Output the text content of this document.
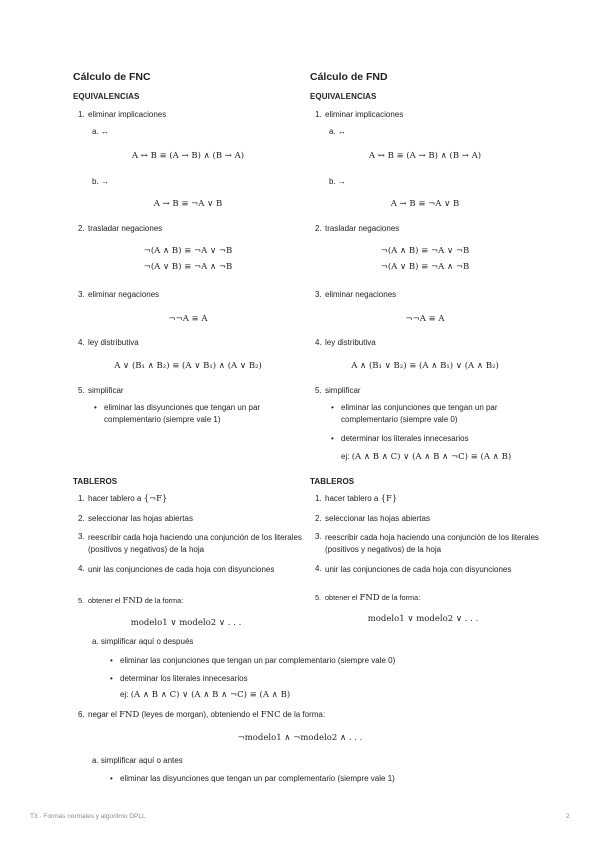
Cálculo de FNC
EQUIVALENCIAS
1. eliminar implicaciones
a. ↔
A ↔ B ≡ (A → B) ∧ (B → A)
b. →
A → B ≡ ¬A ∨ B
2. trasladar negaciones
¬(A ∧ B) ≡ ¬A ∨ ¬B
¬(A ∨ B) ≡ ¬A ∧ ¬B
3. eliminar negaciones
¬¬A ≡ A
4. ley distributiva
A ∨ (B₁ ∧ B₂) ≡ (A ∨ B₁) ∧ (A ∨ B₂)
5. simplificar
• eliminar las disyunciones que tengan un par complementario (siempre vale 1)
TABLEROS
1. hacer tablero a {¬F}
2. seleccionar las hojas abiertas
3. reescribir cada hoja haciendo una conjunción de los literales (positivos y negativos) de la hoja
4. unir las conjunciones de cada hoja con disyunciones
5. obtener el FND de la forma:
modelo1 ∨ modelo2 ∨ . . .
Cálculo de FND
EQUIVALENCIAS
1. eliminar implicaciones
a. ↔
A ↔ B ≡ (A → B) ∧ (B → A)
b. →
A → B ≡ ¬A ∨ B
2. trasladar negaciones
¬(A ∧ B) ≡ ¬A ∨ ¬B
¬(A ∨ B) ≡ ¬A ∧ ¬B
3. eliminar negaciones
¬¬A ≡ A
4. ley distributiva
A ∧ (B₁ ∨ B₂) ≡ (A ∧ B₁) ∨ (A ∧ B₂)
5. simplificar
• eliminar las conjunciones que tengan un par complementario (siempre vale 0)
• determinar los literales innecesarios
ej: (A ∧ B ∧ C) ∨ (A ∧ B ∧ ¬C) ≡ (A ∧ B)
TABLEROS
1. hacer tablero a {F}
2. seleccionar las hojas abiertas
3. reescribir cada hoja haciendo una conjunción de los literales (positivos y negativos) de la hoja
4. unir las conjunciones de cada hoja con disyunciones
5. obtener el FND de la forma:
modelo1 ∨ modelo2 ∨ . . .
a. simplificar aquí o después
• eliminar las conjunciones que tengan un par complementario (siempre vale 0)
• determinar los literales innecesarios
ej: (A ∧ B ∧ C) ∨ (A ∧ B ∧ ¬C) ≡ (A ∧ B)
6. negar el FND (leyes de morgan), obteniendo el FNC de la forma:
¬modelo1 ∧ ¬modelo2 ∧ . . .
a. simplificar aquí o antes
• eliminar las disyunciones que tengan un par complementario (siempre vale 1)
T3 - Formas normales y algoritmo DPLL	2
